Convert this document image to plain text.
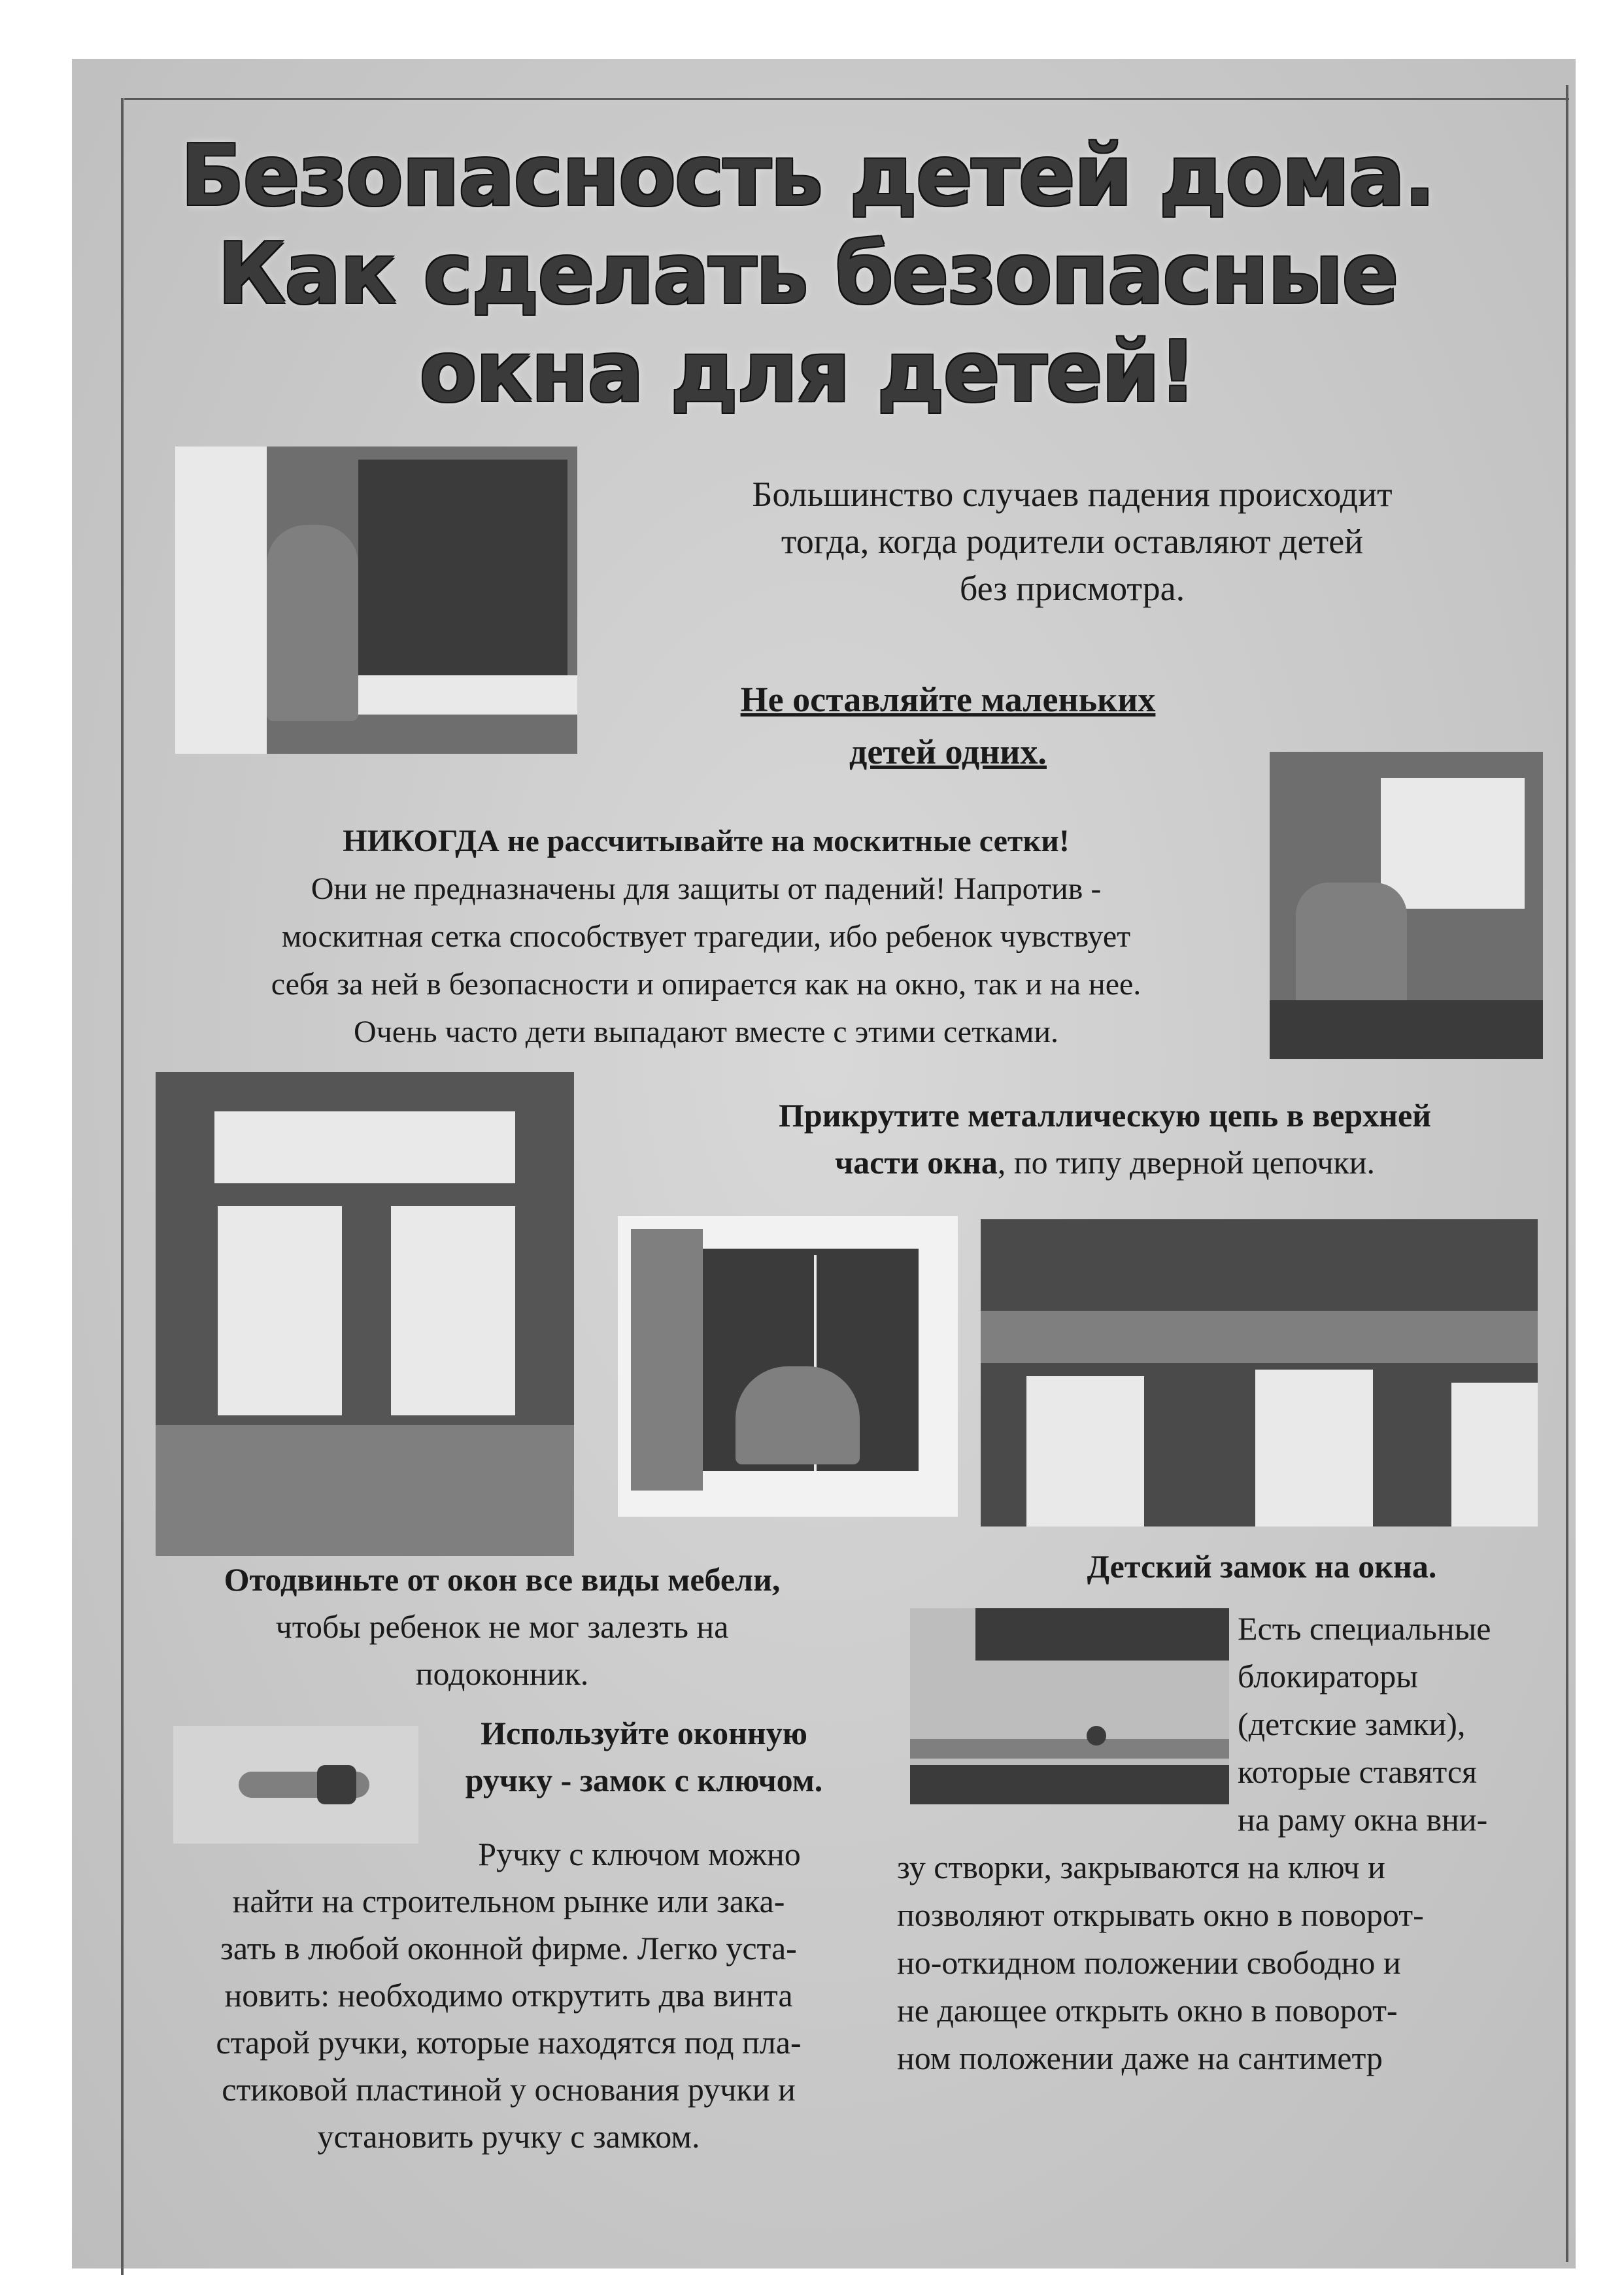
Безопасность детей дома.
Как сделать безопасные
окна для детей!
Большинство случаев падения происходит
тогда, когда родители оставляют детей
без присмотра.
Не оставляйте маленьких
детей одних.
НИКОГДА не рассчитывайте на москитные сетки!
Они не предназначены для защиты от падений! Напротив -
москитная сетка способствует трагедии, ибо ребенок чувствует
себя за ней в безопасности и опирается как на окно, так и на нее.
Очень часто дети выпадают вместе с этими сетками.
Прикрутите металлическую цепь в верхней
части окна, по типу дверной цепочки.
Отодвиньте от окон все виды мебели,
чтобы ребенок не мог залезть на
подоконник.
Детский замок на окна.
Есть специальные
блокираторы
(детские замки),
которые ставятся
на раму окна вни-
зу створки, закрываются на ключ и
позволяют открывать окно в поворот-
но-откидном положении свободно и
не дающее открыть окно в поворот-
ном положении даже на сантиметр
Используйте оконную
ручку - замок с ключом.
Ручку с ключом можно
найти на строительном рынке или зака-
зать в любой оконной фирме. Легко уста-
новить: необходимо открутить два винта
старой ручки, которые находятся под пла-
стиковой пластиной у основания ручки и
установить ручку с замком.
